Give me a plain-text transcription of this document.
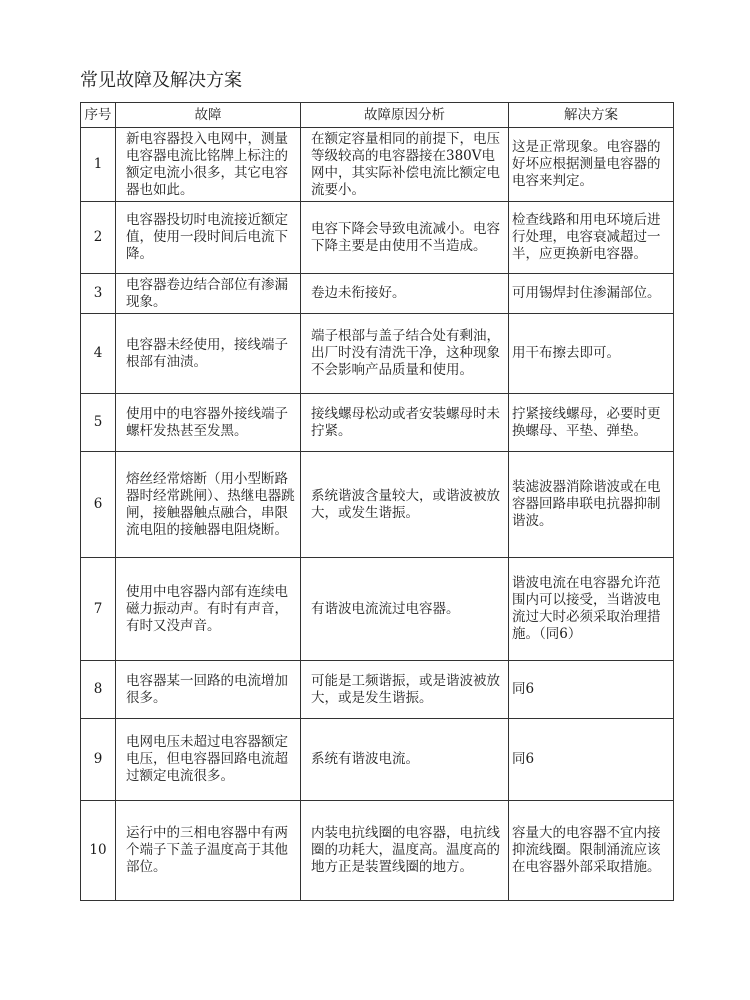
常见故障及解决方案
序号	故障	故障原因分析	解决方案
1	新电容器投入电网中，测量电容器电流比铭牌上标注的额定电流小很多，其它电容器也如此。	在额定容量相同的前提下，电压等级较高的电容器接在380V电网中，其实际补偿电流比额定电流要小。	这是正常现象。电容器的好坏应根据测量电容器的电容来判定。
2	电容器投切时电流接近额定值，使用一段时间后电流下降。	电容下降会导致电流减小。电容下降主要是由使用不当造成。	检查线路和用电环境后进行处理，电容衰减超过一半，应更换新电容器。
3	电容器卷边结合部位有渗漏现象。	卷边未衔接好。	可用锡焊封住渗漏部位。
4	电容器未经使用，接线端子根部有油渍。	端子根部与盖子结合处有剩油，出厂时没有清洗干净，这种现象不会影响产品质量和使用。	用干布擦去即可。
5	使用中的电容器外接线端子螺杆发热甚至发黑。	接线螺母松动或者安装螺母时未拧紧。	拧紧接线螺母，必要时更换螺母、平垫、弹垫。
6	熔丝经常熔断（用小型断路器时经常跳闸）、热继电器跳闸，接触器触点融合，串限流电阻的接触器电阻烧断。	系统谐波含量较大，或谐波被放大，或发生谐振。	装滤波器消除谐波或在电容器回路串联电抗器抑制谐波。
7	使用中电容器内部有连续电磁力振动声。有时有声音，有时又没声音。	有谐波电流流过电容器。	谐波电流在电容器允许范围内可以接受，当谐波电流过大时必须采取治理措施。（同6）
8	电容器某一回路的电流增加很多。	可能是工频谐振，或是谐波被放大，或是发生谐振。	同6
9	电网电压未超过电容器额定电压，但电容器回路电流超过额定电流很多。	系统有谐波电流。	同6
10	运行中的三相电容器中有两个端子下盖子温度高于其他部位。	内装电抗线圈的电容器，电抗线圈的功耗大，温度高。温度高的地方正是装置线圈的地方。	容量大的电容器不宜内接抑流线圈。限制涌流应该在电容器外部采取措施。
